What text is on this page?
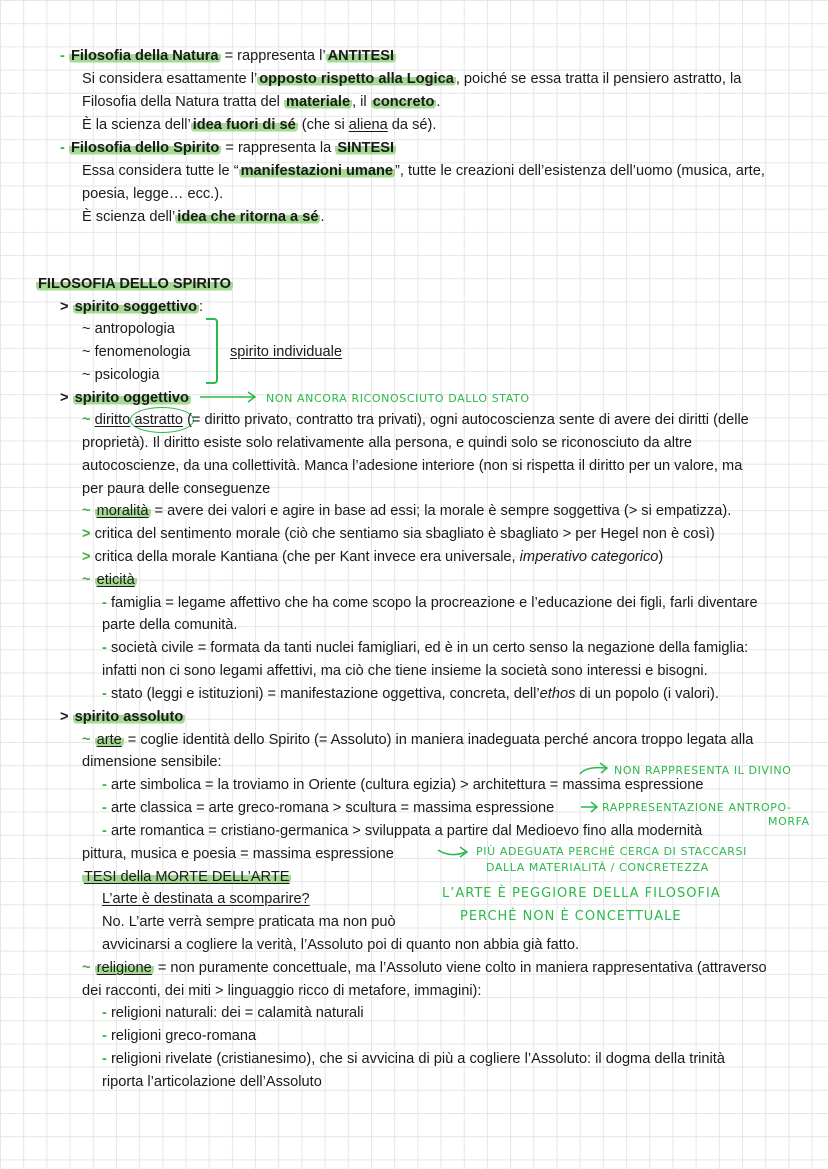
- Filosofia della Natura = rappresenta l’ ANTITESI
Si considera esattamente l’ opposto rispetto alla Logica , poiché se essa tratta il pensiero astratto, la
Filosofia della Natura tratta del materiale , il concreto .
È la scienza dell’ idea fuori di sé (che si aliena da sé).
- Filosofia dello Spirito = rappresenta la SINTESI
Essa considera tutte le “ manifestazioni umane ”, tutte le creazioni dell’esistenza dell’uomo (musica, arte,
poesia, legge… ecc.).
È scienza dell’ idea che ritorna a sé .
FILOSOFIA DELLO SPIRITO
> spirito soggettivo :
~ antropologia
~ fenomenologia
~ psicologia
spirito individuale
> spirito oggettivo	NON ANCORA RICONOSCIUTO DALLO STATO
~ diritto astratto (= diritto privato, contratto tra privati), ogni autocoscienza sente di avere dei diritti (delle
proprietà). Il diritto esiste solo relativamente alla persona, e quindi solo se riconosciuto da altre
autocoscienze, da una collettività. Manca l’adesione interiore (non si rispetta il diritto per un valore, ma
per paura delle conseguenze
~ moralità = avere dei valori e agire in base ad essi; la morale è sempre soggettiva (> si empatizza).
> critica del sentimento morale (ciò che sentiamo sia sbagliato è sbagliato > per Hegel non è così)
> critica della morale Kantiana (che per Kant invece era universale, imperativo categorico)
~ eticità
- famiglia = legame affettivo che ha come scopo la procreazione e l’educazione dei figli, farli diventare
parte della comunità.
- società civile = formata da tanti nuclei famigliari, ed è in un certo senso la negazione della famiglia:
infatti non ci sono legami affettivi, ma ciò che tiene insieme la società sono interessi e bisogni.
- stato (leggi e istituzioni) = manifestazione oggettiva, concreta, dell’ethos di un popolo (i valori).
> spirito assoluto
~ arte = coglie identità dello Spirito (= Assoluto) in maniera inadeguata perché ancora troppo legata alla
dimensione sensibile:
NON RAPPRESENTA IL DIVINO
- arte simbolica = la troviamo in Oriente (cultura egizia) > architettura = massima espressione
- arte classica = arte greco-romana > scultura = massima espressione	RAPPRESENTAZIONE ANTROPO-
MORFA
- arte romantica = cristiano-germanica > sviluppata a partire dal Medioevo fino alla modernità
pittura, musica e poesia = massima espressione	PIÙ ADEGUATA PERCHÉ CERCA DI STACCARSI
DALLA MATERIALITÀ / CONCRETEZZA
TESI della MORTE DELL’ARTE
L’arte è destinata a scomparire?
No. L’arte verrà sempre praticata ma non può
avvicinarsi a cogliere la verità, l’Assoluto poi di quanto non abbia già fatto.
L’ARTE È PEGGIORE DELLA FILOSOFIA
PERCHÉ NON È CONCETTUALE
~ religione = non puramente concettuale, ma l’Assoluto viene colto in maniera rappresentativa (attraverso
dei racconti, dei miti > linguaggio ricco di metafore, immagini):
- religioni naturali: dei = calamità naturali
- religioni greco-romana
- religioni rivelate (cristianesimo), che si avvicina di più a cogliere l’Assoluto: il dogma della trinità
riporta l’articolazione dell’Assoluto
